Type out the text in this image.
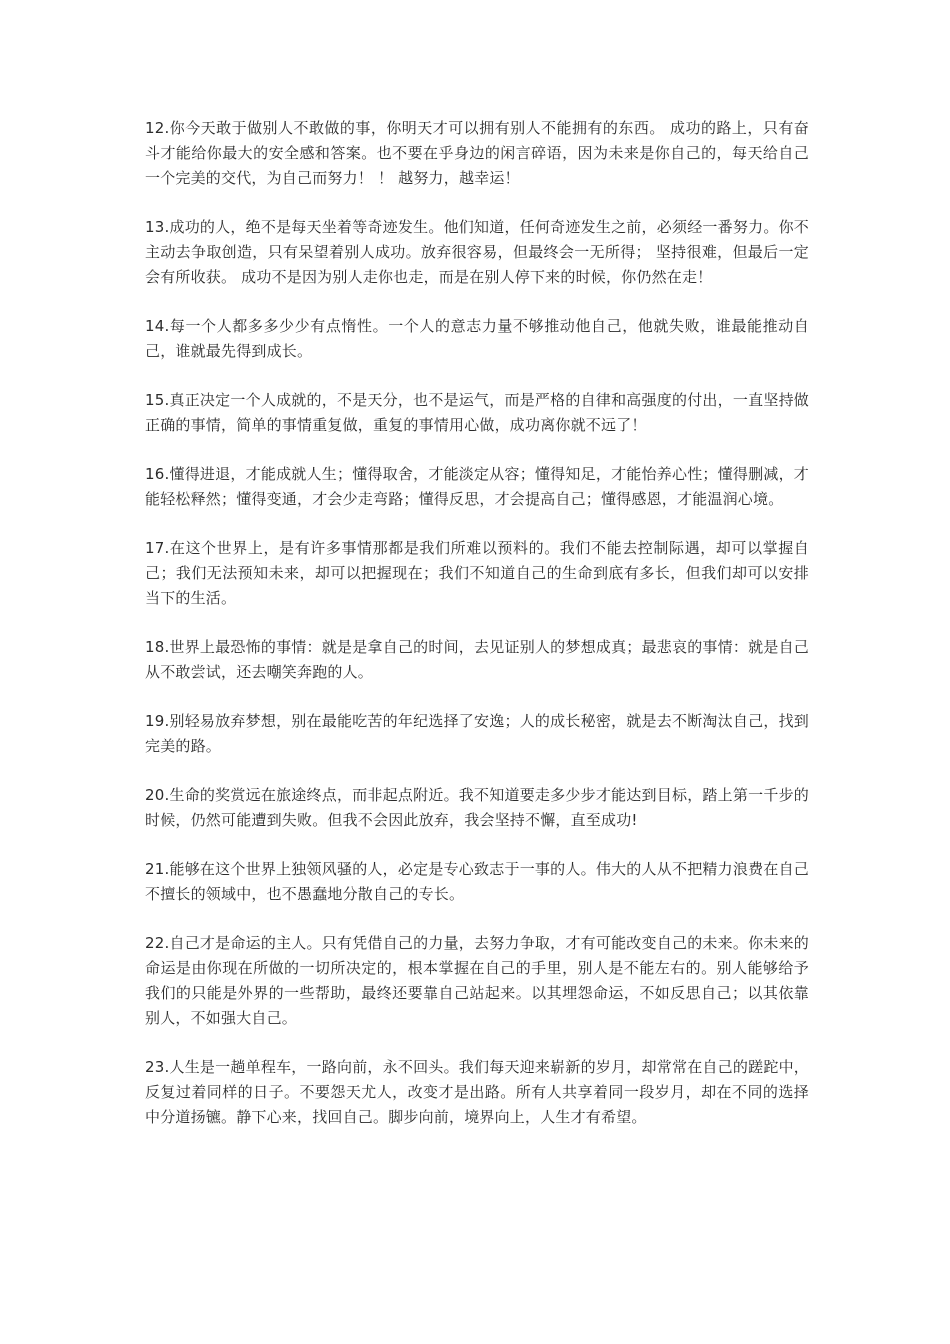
12.你今天敢于做别人不敢做的事，你明天才可以拥有别人不能拥有的东西。 成功的路上，只有奋斗才能给你最大的安全感和答案。也不要在乎身边的闲言碎语，因为未来是你自己的，每天给自己一个完美的交代，为自己而努力！ ！ 越努力，越幸运！

13.成功的人，绝不是每天坐着等奇迹发生。他们知道，任何奇迹发生之前，必须经一番努力。你不主动去争取创造，只有呆望着别人成功。放弃很容易，但最终会一无所得； 坚持很难，但最后一定会有所收获。 成功不是因为别人走你也走，而是在别人停下来的时候，你仍然在走！

14.每一个人都多多少少有点惰性。一个人的意志力量不够推动他自己，他就失败，谁最能推动自己，谁就最先得到成长。

15.真正决定一个人成就的，不是天分，也不是运气，而是严格的自律和高强度的付出，一直坚持做正确的事情，简单的事情重复做，重复的事情用心做，成功离你就不远了！

16.懂得进退，才能成就人生；懂得取舍，才能淡定从容；懂得知足，才能怡养心性；懂得删减，才能轻松释然；懂得变通，才会少走弯路；懂得反思，才会提高自己；懂得感恩，才能温润心境。

17.在这个世界上，是有许多事情那都是我们所难以预料的。我们不能去控制际遇，却可以掌握自己；我们无法预知未来，却可以把握现在；我们不知道自己的生命到底有多长，但我们却可以安排当下的生活。

18.世界上最恐怖的事情：就是是拿自己的时间，去见证别人的梦想成真；最悲哀的事情：就是自己从不敢尝试，还去嘲笑奔跑的人。

19.别轻易放弃梦想，别在最能吃苦的年纪选择了安逸；人的成长秘密，就是去不断淘汰自己，找到完美的路。

20.生命的奖赏远在旅途终点，而非起点附近。我不知道要走多少步才能达到目标，踏上第一千步的时候，仍然可能遭到失败。但我不会因此放弃，我会坚持不懈，直至成功!

21.能够在这个世界上独领风骚的人，必定是专心致志于一事的人。伟大的人从不把精力浪费在自己不擅长的领域中，也不愚蠢地分散自己的专长。

22.自己才是命运的主人。只有凭借自己的力量，去努力争取，才有可能改变自己的未来。你未来的命运是由你现在所做的一切所决定的，根本掌握在自己的手里，别人是不能左右的。别人能够给予我们的只能是外界的一些帮助，最终还要靠自己站起来。以其埋怨命运，不如反思自己；以其依靠别人，不如强大自己。

23.人生是一趟单程车，一路向前，永不回头。我们每天迎来崭新的岁月，却常常在自己的蹉跎中，反复过着同样的日子。不要怨天尤人，改变才是出路。所有人共享着同一段岁月，却在不同的选择中分道扬镳。静下心来，找回自己。脚步向前，境界向上，人生才有希望。
